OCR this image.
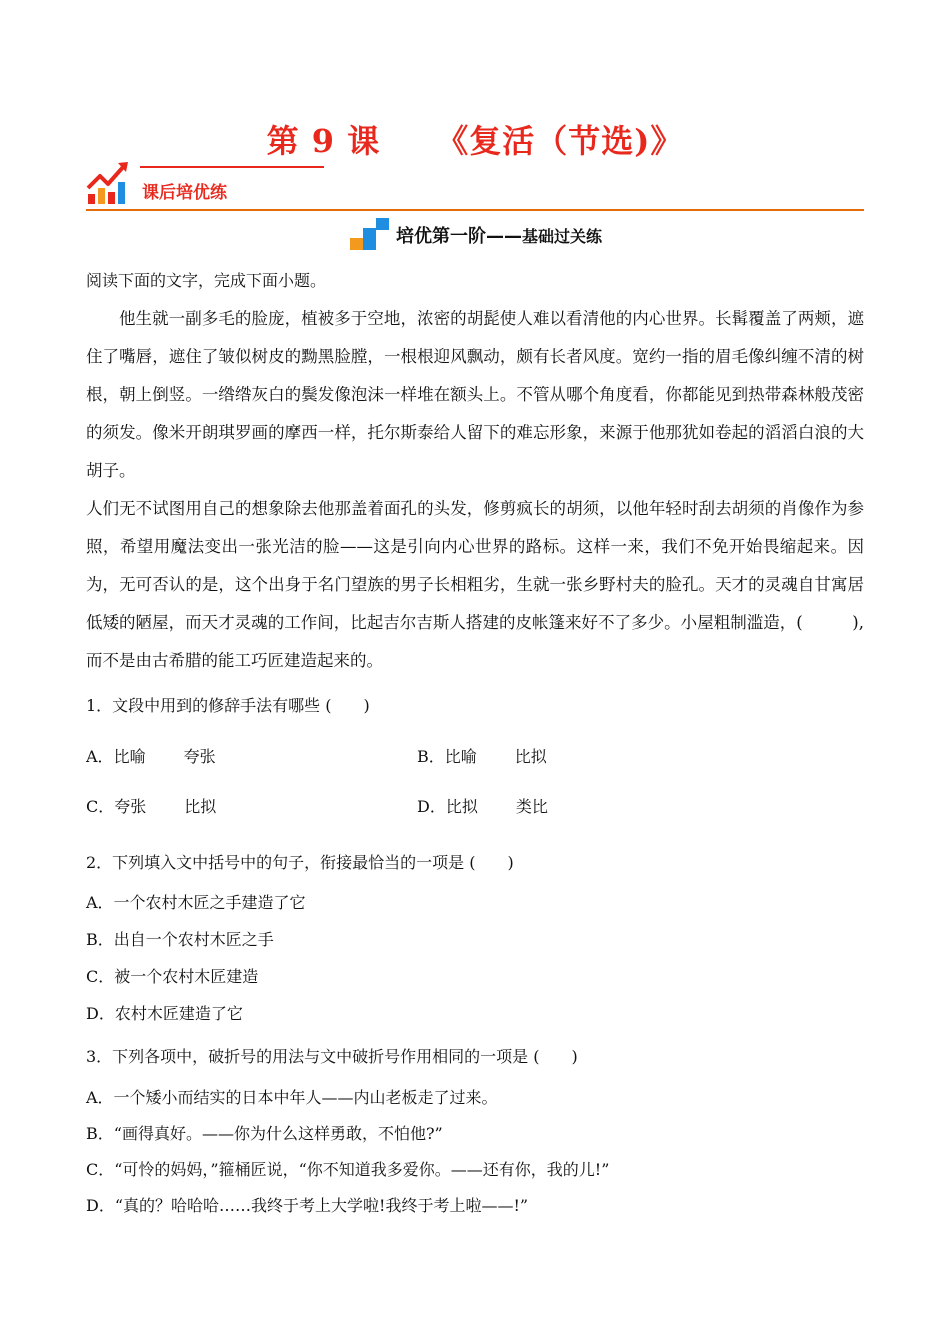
第 9 课 《复活（节选)》
课后培优练
培优第一阶——基础过关练

阅读下面的文字，完成下面小题。

他生就一副多毛的脸庞，植被多于空地，浓密的胡髭使人难以看清他的内心世界。长髯覆盖了两颊，遮住了嘴唇，遮住了皱似树皮的黝黑脸膛，一根根迎风飘动，颇有长者风度。宽约一指的眉毛像纠缠不清的树根，朝上倒竖。一绺绺灰白的鬓发像泡沫一样堆在额头上。不管从哪个角度看，你都能见到热带森林般茂密的须发。像米开朗琪罗画的摩西一样，托尔斯泰给人留下的难忘形象，来源于他那犹如卷起的滔滔白浪的大胡子。

人们无不试图用自己的想象除去他那盖着面孔的头发，修剪疯长的胡须，以他年轻时刮去胡须的肖像作为参照，希望用魔法变出一张光洁的脸——这是引向内心世界的路标。这样一来，我们不免开始畏缩起来。因为，无可否认的是，这个出身于名门望族的男子长相粗劣，生就一张乡野村夫的脸孔。天才的灵魂自甘寓居低矮的陋屋，而天才灵魂的工作间，比起吉尔吉斯人搭建的皮帐篷来好不了多少。小屋粗制滥造，(　　　),而不是由古希腊的能工巧匠建造起来的。

1．文段中用到的修辞手法有哪些 (　　)

A．比喻 夸张	B．比喻 比拟

C．夸张 比拟	D．比拟 类比

2．下列填入文中括号中的句子，衔接最恰当的一项是 (　　)

A．一个农村木匠之手建造了它

B．出自一个农村木匠之手

C．被一个农村木匠建造

D．农村木匠建造了它

3．下列各项中，破折号的用法与文中破折号作用相同的一项是 (　　)

A．一个矮小而结实的日本中年人——内山老板走了过来。

B．“画得真好。——你为什么这样勇敢，不怕他?”

C．“可怜的妈妈，”箍桶匠说，“你不知道我多爱你。——还有你，我的儿!”

D．“真的？哈哈哈……我终于考上大学啦!我终于考上啦——!”
